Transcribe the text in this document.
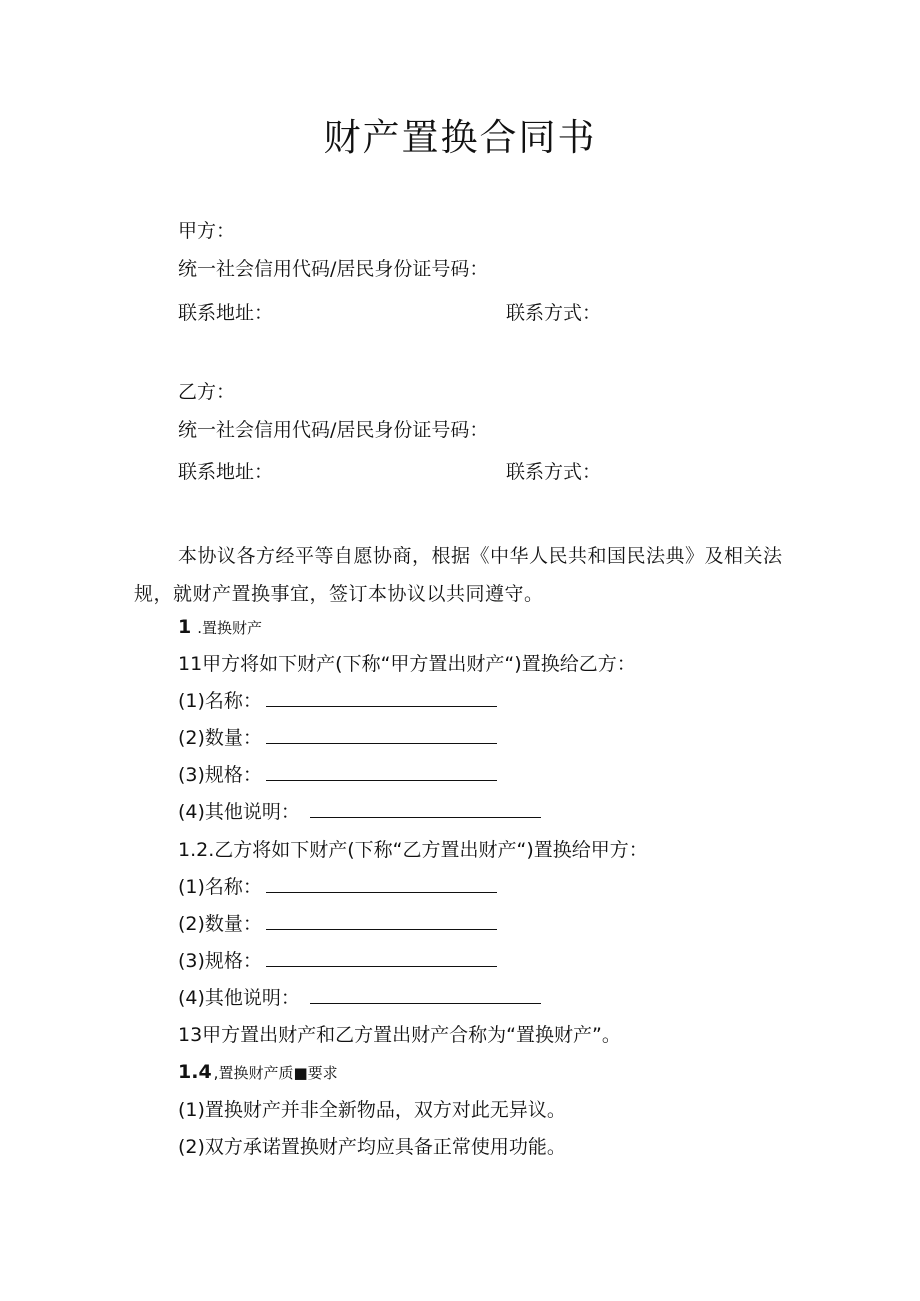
财产置换合同书
甲方：
统一社会信用代码/居民身份证号码：
联系地址：	联系方式：
乙方：
统一社会信用代码/居民身份证号码：
联系地址：	联系方式：
本协议各方经平等自愿协商，根据《中华人民共和国民法典》及相关法规，就财产置换事宜，签订本协议以共同遵守。
1 .置换财产
11甲方将如下财产(下称“甲方置出财产“)置换给乙方：
(1)名称：
(2)数量：
(3)规格：
(4)其他说明：
1.2.乙方将如下财产(下称“乙方置出财产“)置换给甲方：
(1)名称：
(2)数量：
(3)规格：
(4)其他说明：
13甲方置出财产和乙方置出财产合称为“置换财产”。
1.4 ,置换财产质■要求
(1)置换财产并非全新物品，双方对此无异议。
(2)双方承诺置换财产均应具备正常使用功能。
